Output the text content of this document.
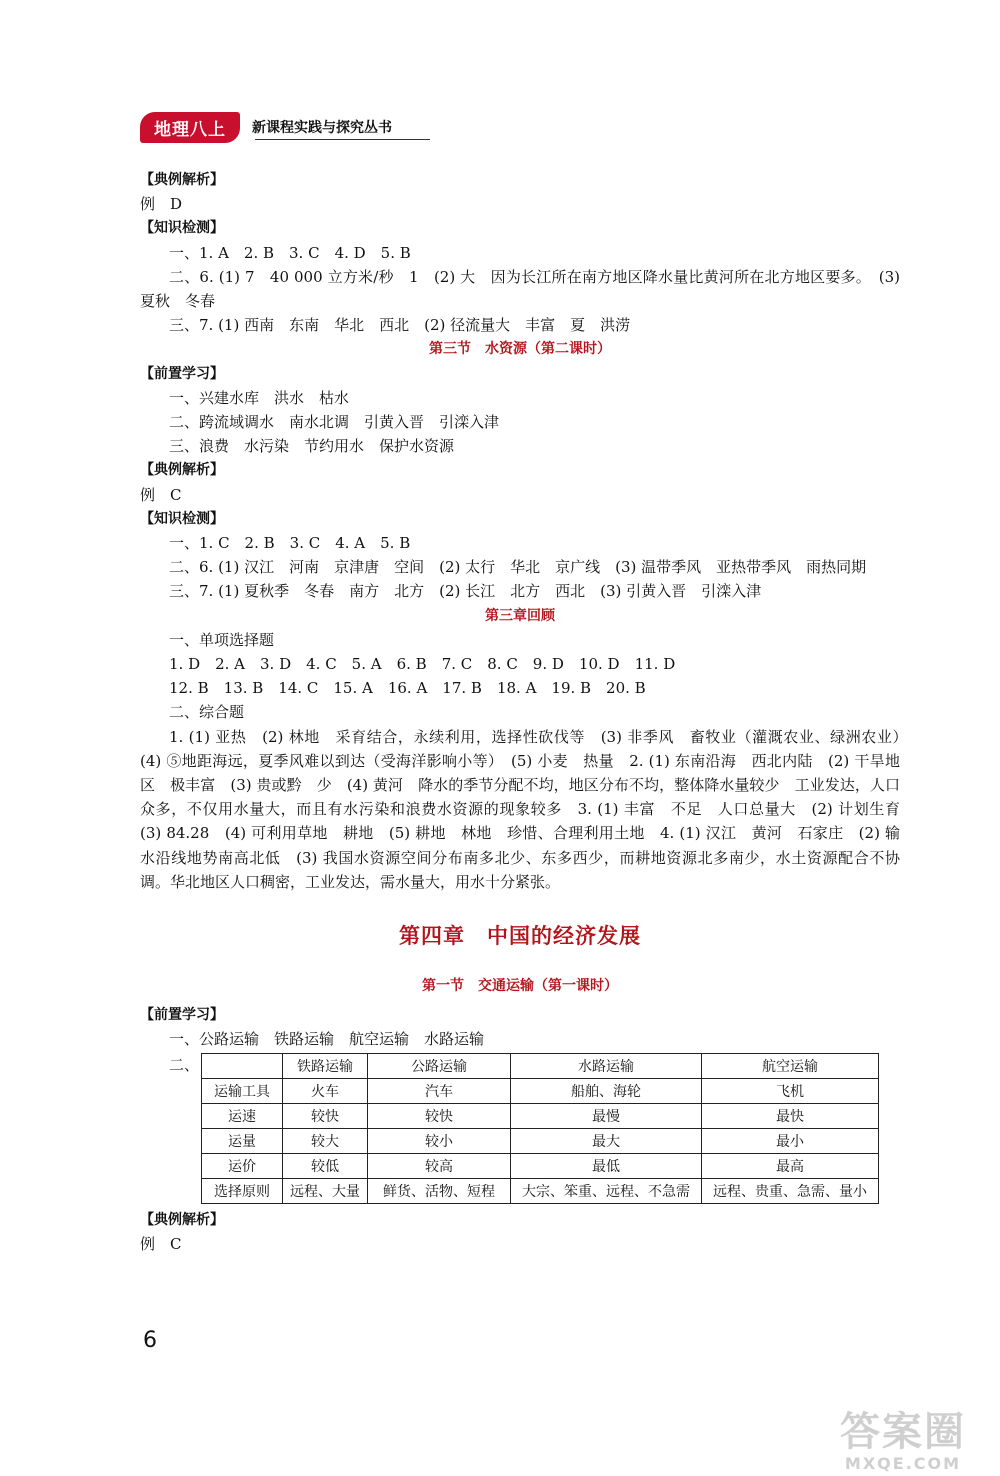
地理八上	新课程实践与探究丛书

【典例解析】

例　D

【知识检测】

一、1. A　2. B　3. C　4. D　5. B

二、6. (1) 7　40 000 立方米/秒　1　(2) 大　因为长江所在南方地区降水量比黄河所在北方地区要多。　(3) 夏秋　冬春

三、7. (1) 西南　东南　华北　西北　(2) 径流量大　丰富　夏　洪涝

第三节　水资源（第二课时）

【前置学习】

一、兴建水库　洪水　枯水

二、跨流域调水　南水北调　引黄入晋　引滦入津

三、浪费　水污染　节约用水　保护水资源

【典例解析】

例　C

【知识检测】

一、1. C　2. B　3. C　4. A　5. B

二、6. (1) 汉江　河南　京津唐　空间　(2) 太行　华北　京广线　(3) 温带季风　亚热带季风　雨热同期

三、7. (1) 夏秋季　冬春　南方　北方　(2) 长江　北方　西北　(3) 引黄入晋　引滦入津

第三章回顾

一、单项选择题

1. D　2. A　3. D　4. C　5. A　6. B　7. C　8. C　9. D　10. D　11. D

12. B　13. B　14. C　15. A　16. A　17. B　18. A　19. B　20. B

二、综合题

1. (1) 亚热　(2) 林地　采育结合，永续利用，选择性砍伐等　(3) 非季风　畜牧业（灌溉农业、绿洲农业）　(4) ⑤地距海远，夏季风难以到达（受海洋影响小等）　(5) 小麦　热量　2. (1) 东南沿海　西北内陆　(2) 干旱地区　极丰富　(3) 贵或黔　少　(4) 黄河　降水的季节分配不均，地区分布不均，整体降水量较少　工业发达，人口众多，不仅用水量大，而且有水污染和浪费水资源的现象较多　3. (1) 丰富　不足　人口总量大　(2) 计划生育　(3) 84.28　(4) 可利用草地　耕地　(5) 耕地　林地　珍惜、合理利用土地　4. (1) 汉江　黄河　石家庄　(2) 输水沿线地势南高北低　(3) 我国水资源空间分布南多北少、东多西少，而耕地资源北多南少，水土资源配合不协调。华北地区人口稠密，工业发达，需水量大，用水十分紧张。

第四章　中国的经济发展

第一节　交通运输（第一课时）

【前置学习】

一、公路运输　铁路运输　航空运输　水路运输

二、
		铁路运输	公路运输	水路运输	航空运输
运输工具	火车	汽车	船舶、海轮	飞机
运速	较快	较快	最慢	最快
运量	较大	较小	最大	最小
运价	较低	较高	最低	最高
选择原则	远程、大量	鲜货、活物、短程	大宗、笨重、远程、不急需	远程、贵重、急需、量小

【典例解析】

例　C

6
答案圈
MXQE.COM
